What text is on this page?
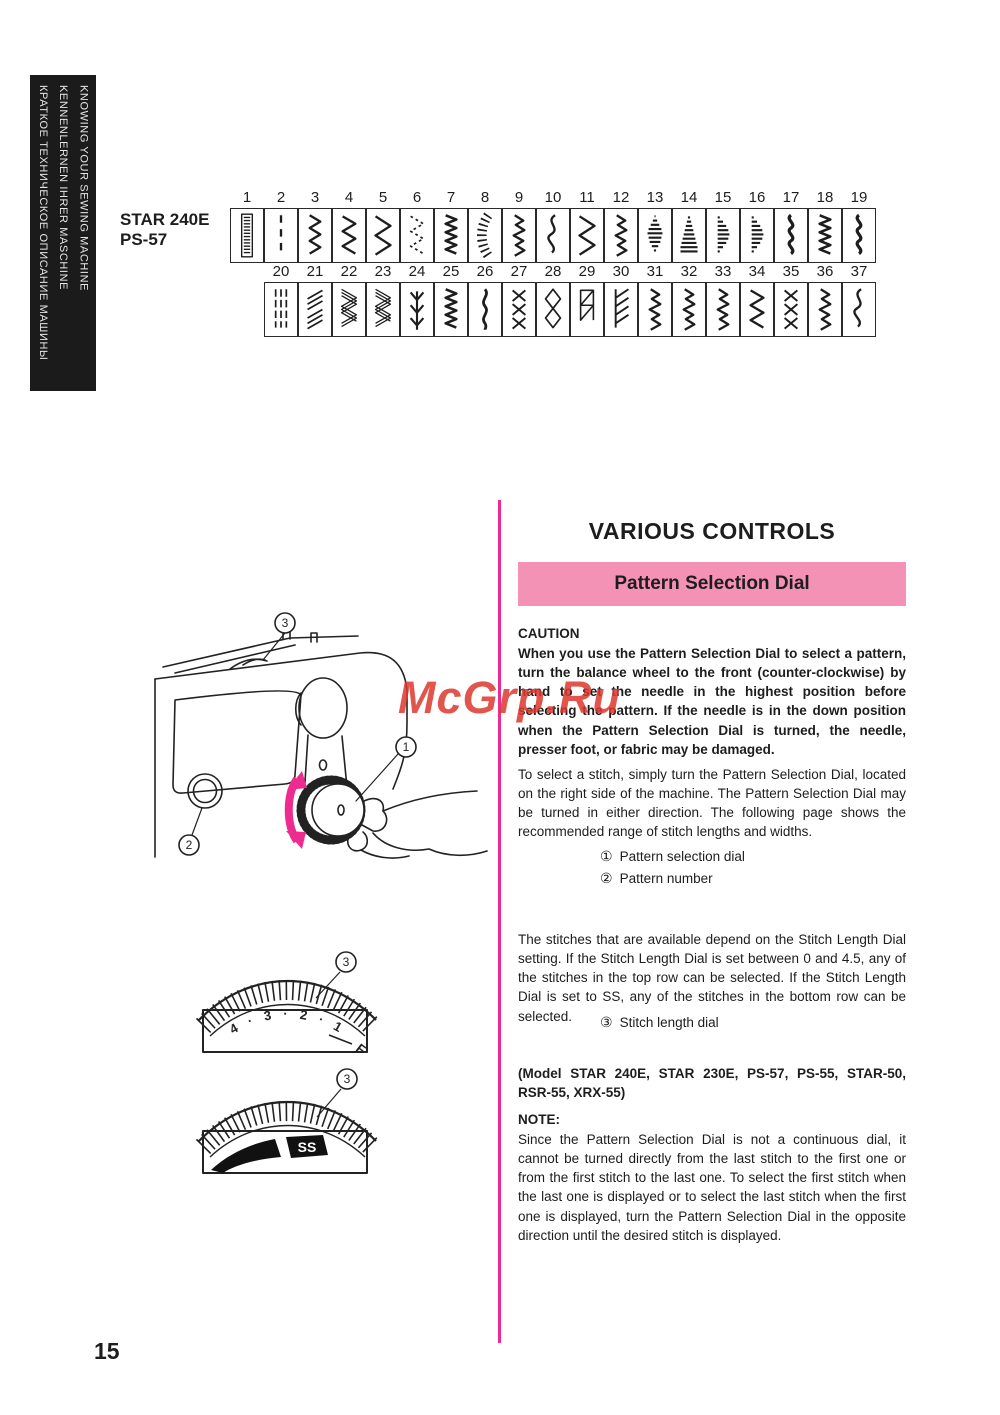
KNOWING YOUR SEWING MACHINE
KENNENLERNEN IHRER MASCHINE
КРАТКОЕ ТЕХНИЧЕСКОЕ ОПИСАНИЕ МАШИНЫ
STAR 240E
PS-57
1 2 3 4 5 6 7 8 9 10 11 12 13 14 15 16 17 18 19
20 21 22 23 24 25 26 27 28 29 30 31 32 33 34 35 36 37
McGrp.Ru
VARIOUS CONTROLS
Pattern Selection Dial
CAUTION
When you use the Pattern Selection Dial to select a pattern, turn the balance wheel to the front (counter-clockwise) by hand to set the needle in the highest position before selecting the pattern. If the needle is in the down position when the Pattern Selection Dial is turned, the needle, presser foot, or fabric may be damaged.
To select a stitch, simply turn the Pattern Selection Dial, located on the right side of the machine. The Pattern Selection Dial may be turned in either direction. The following page shows the recommended range of stitch lengths and widths.
① Pattern selection dial
② Pattern number
The stitches that are available depend on the Stitch Length Dial setting. If the Stitch Length Dial is set between 0 and 4.5, any of the stitches in the top row can be selected. If the Stitch Length Dial is set to SS, any of the stitches in the bottom row can be selected.	③ Stitch length dial
(Model STAR 240E, STAR 230E, PS-57, PS-55, STAR-50, RSR-55, XRX-55)
NOTE:
Since the Pattern Selection Dial is not a continuous dial, it cannot be turned directly from the last stitch to the first one or from the first stitch to the last one. To select the first stitch when the last one is displayed or to select the last stitch when the first one is displayed, turn the Pattern Selection Dial in the opposite direction until the desired stitch is displayed.
3
1
2
4 · 3 · 2 · 1
F
3
SS
3
15
